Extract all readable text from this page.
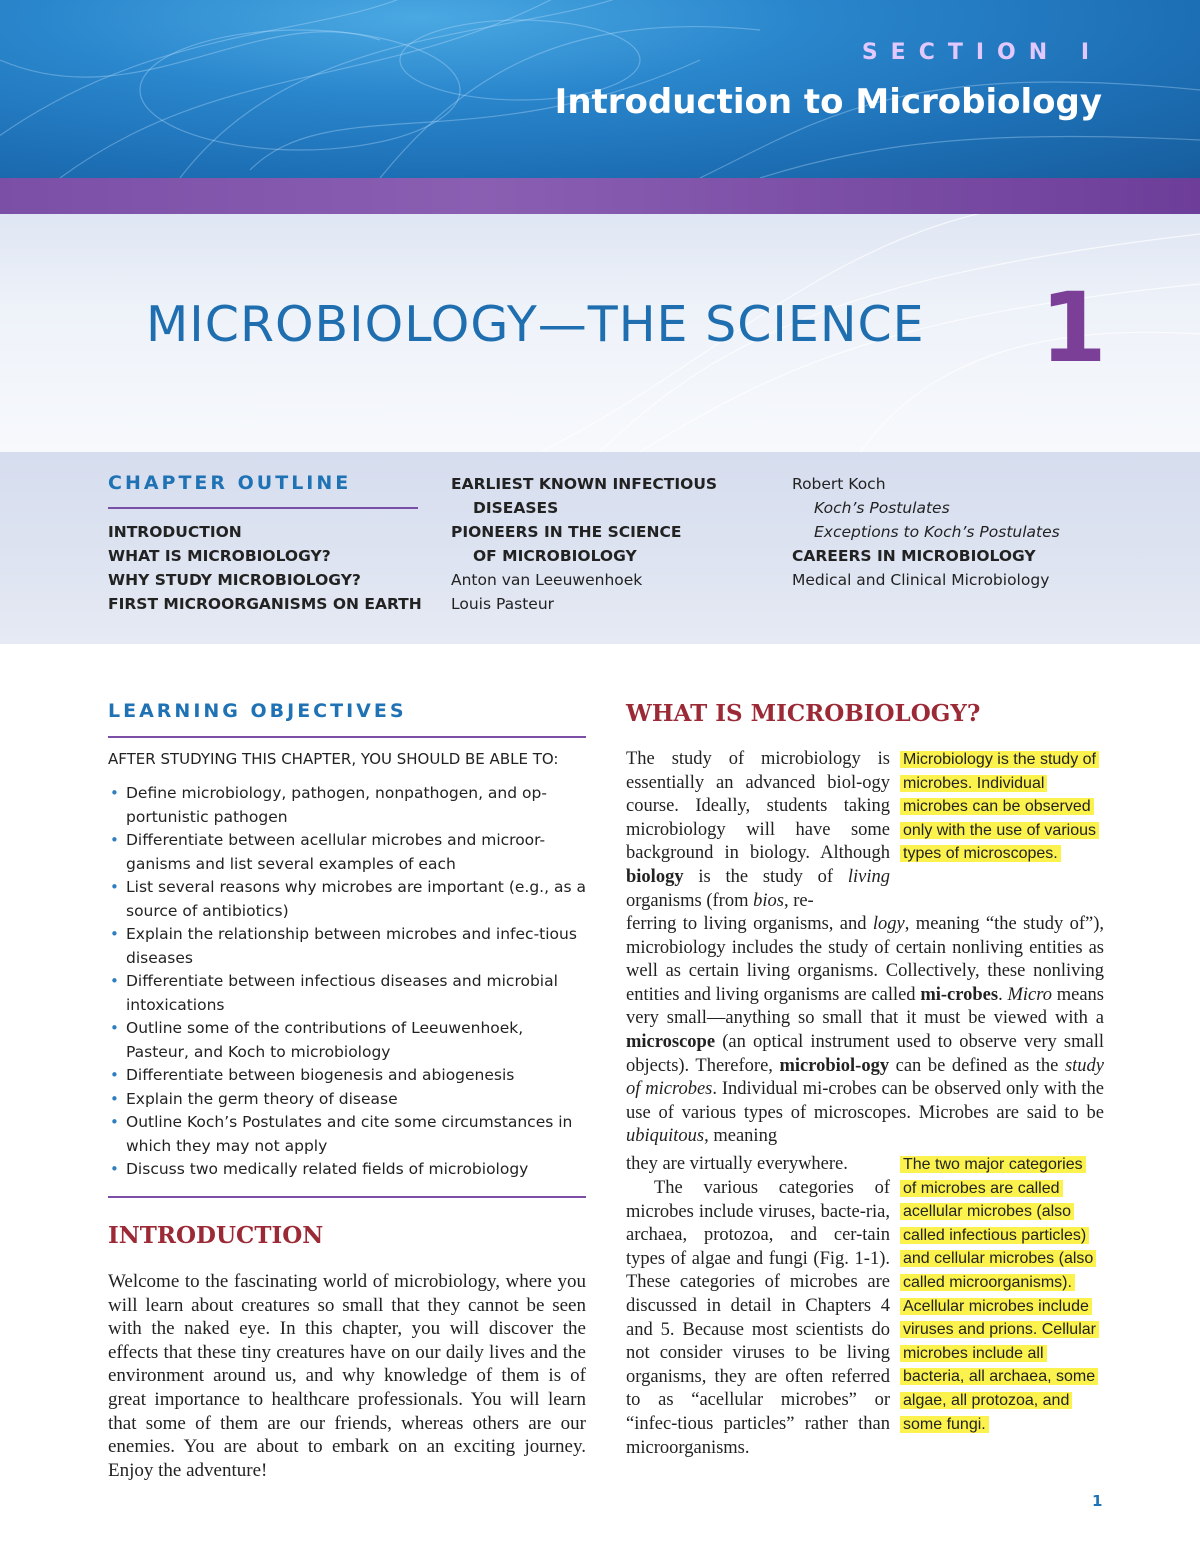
SECTION I
Introduction to Microbiology
MICROBIOLOGY—THE SCIENCE 1
CHAPTER OUTLINE
INTRODUCTION
WHAT IS MICROBIOLOGY?
WHY STUDY MICROBIOLOGY?
FIRST MICROORGANISMS ON EARTH
EARLIEST KNOWN INFECTIOUS
DISEASES
PIONEERS IN THE SCIENCE
OF MICROBIOLOGY
Anton van Leeuwenhoek
Louis Pasteur
Robert Koch
Koch’s Postulates
Exceptions to Koch’s Postulates
CAREERS IN MICROBIOLOGY
Medical and Clinical Microbiology
LEARNING OBJECTIVES
AFTER STUDYING THIS CHAPTER, YOU SHOULD BE ABLE TO:
• Define microbiology, pathogen, nonpathogen, and op-portunistic pathogen
• Differentiate between acellular microbes and microor-ganisms and list several examples of each
• List several reasons why microbes are important (e.g., as a source of antibiotics)
• Explain the relationship between microbes and infec-tious diseases
• Differentiate between infectious diseases and microbial intoxications
• Outline some of the contributions of Leeuwenhoek, Pasteur, and Koch to microbiology
• Differentiate between biogenesis and abiogenesis
• Explain the germ theory of disease
• Outline Koch’s Postulates and cite some circumstances in which they may not apply
• Discuss two medically related fields of microbiology
INTRODUCTION
Welcome to the fascinating world of microbiology, where you will learn about creatures so small that they cannot be seen with the naked eye. In this chapter, you will discover the effects that these tiny creatures have on our daily lives and the environment around us, and why knowledge of them is of great importance to healthcare professionals. You will learn that some of them are our friends, whereas others are our enemies. You are about to embark on an exciting journey. Enjoy the adventure!
WHAT IS MICROBIOLOGY?
The study of microbiology is essentially an advanced biol-ogy course. Ideally, students taking microbiology will have some background in biology. Although biology is the study of living organisms (from bios, re-
ferring to living organisms, and logy, meaning “the study of”), microbiology includes the study of certain nonliving entities as well as certain living organisms. Collectively, these nonliving entities and living organisms are called mi-crobes. Micro means very small—anything so small that it must be viewed with a microscope (an optical instrument used to observe very small objects). Therefore, microbiol-ogy can be defined as the study of microbes. Individual mi-crobes can be observed only with the use of various types of microscopes. Microbes are said to be ubiquitous, meaning
they are virtually everywhere.
The various categories of microbes include viruses, bacte-ria, archaea, protozoa, and cer-tain types of algae and fungi (Fig. 1-1). These categories of microbes are discussed in detail in Chapters 4 and 5. Because most scientists do not consider viruses to be living organisms, they are often referred to as “acellular microbes” or “infec-tious particles” rather than microorganisms.
Microbiology is the study of microbes. Individual microbes can be observed only with the use of various types of microscopes.
The two major categories of microbes are called acellular microbes (also called infectious particles) and cellular microbes (also called microorganisms). Acellular microbes include viruses and prions. Cellular microbes include all bacteria, all archaea, some algae, all protozoa, and some fungi.
1
